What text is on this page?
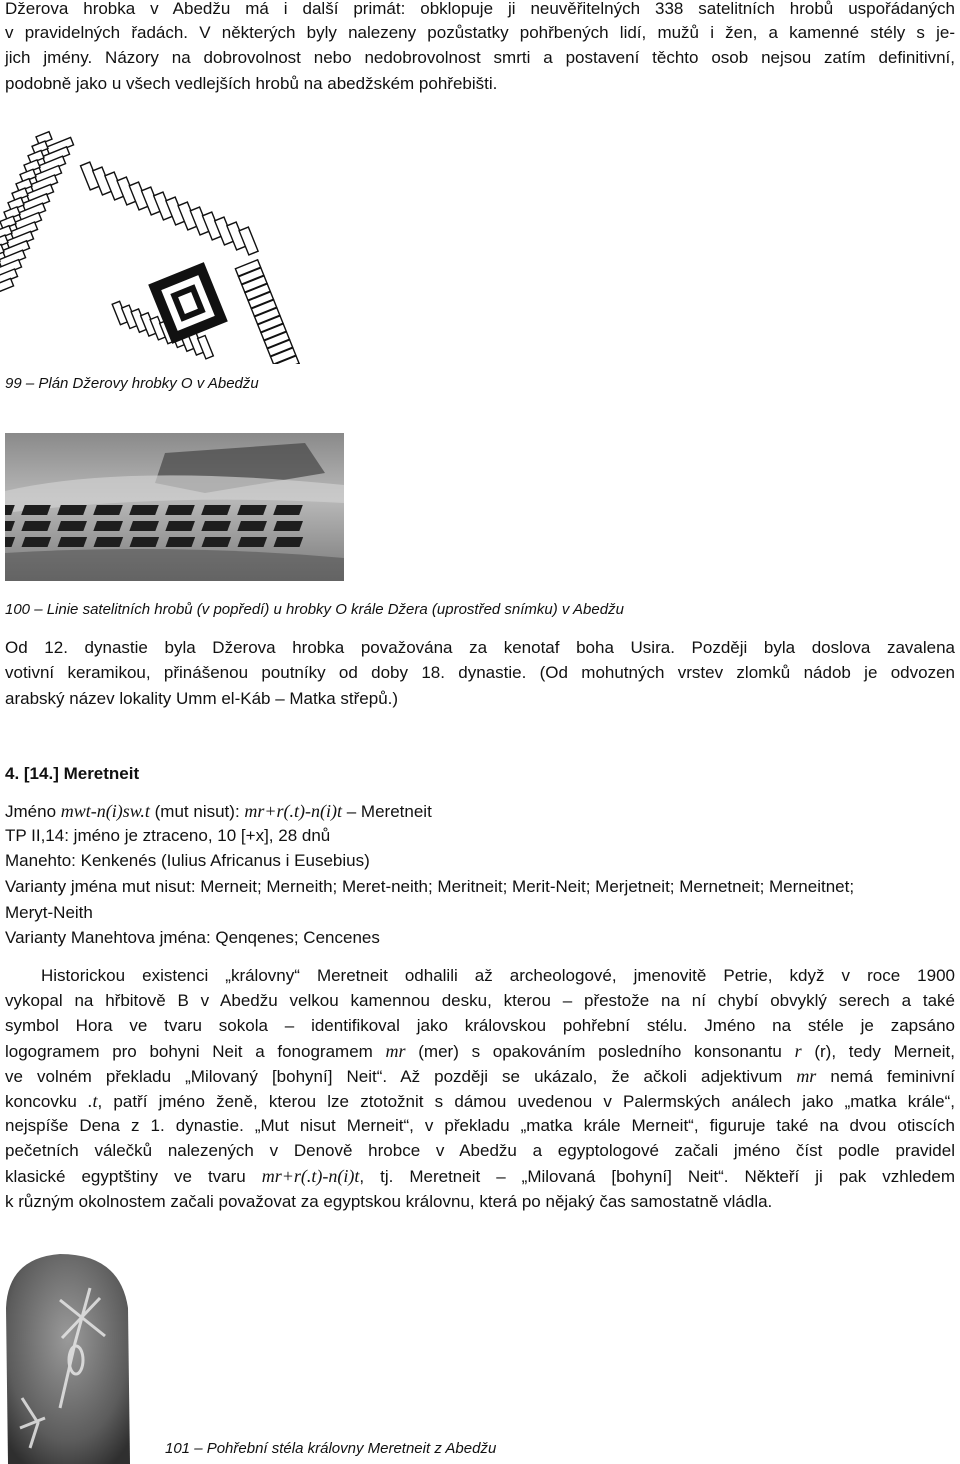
Džerova hrobka v Abedžu má i další primát: obklopuje ji neuvěřitelných 338 satelitních hrobů uspořádaných
v pravidelných řadách. V některých byly nalezeny pozůstatky pohřbených lidí, mužů i žen, a kamenné stély s je-
jich jmény. Názory na dobrovolnost nebo nedobrovolnost smrti a postavení těchto osob nejsou zatím definitivní,
podobně jako u všech vedlejších hrobů na abedžském pohřebišti.
99 – Plán Džerovy hrobky O v Abedžu
100 – Linie satelitních hrobů (v popředí) u hrobky O krále Džera (uprostřed snímku) v Abedžu
Od 12. dynastie byla Džerova hrobka považována za kenotaf boha Usira. Později byla doslova zavalena
votivní keramikou, přinášenou poutníky od doby 18. dynastie. (Od mohutných vrstev zlomků nádob je odvozen
arabský název lokality Umm el-Káb – Matka střepů.)
4. [14.] Meretneit
Jméno mwt-n(i)sw.t (mut nisut): mr+r(.t)-n(i)t – Meretneit
TP II,14: jméno je ztraceno, 10 [+x], 28 dnů
Manehto: Kenkenés (Iulius Africanus i Eusebius)
Varianty jména mut nisut: Merneit; Merneith; Meret-neith; Meritneit; Merit-Neit; Merjetneit; Mernetneit; Merneitnet;
Meryt-Neith
Varianty Manehtova jména: Qenqenes; Cencenes
Historickou existenci „královny“ Meretneit odhalili až archeologové, jmenovitě Petrie, když v roce 1900
vykopal na hřbitově B v Abedžu velkou kamennou desku, kterou – přestože na ní chybí obvyklý serech a také
symbol Hora ve tvaru sokola – identifikoval jako královskou pohřební stélu. Jméno na stéle je zapsáno
logogramem pro bohyni Neit a fonogramem mr (mer) s opakováním posledního konsonantu r (r), tedy Merneit,
ve volném překladu „Milovaný [bohyní] Neit“. Až později se ukázalo, že ačkoli adjektivum mr nemá feminivní
koncovku .t, patří jméno ženě, kterou lze ztotožnit s dámou uvedenou v Palermských análech jako „matka krále“,
nejspíše Dena z 1. dynastie. „Mut nisut Merneit“, v překladu „matka krále Merneit“, figuruje také na dvou otiscích
pečetních válečků nalezených v Denově hrobce v Abedžu a egyptologové začali jméno číst podle pravidel
klasické egyptštiny ve tvaru mr+r(.t)-n(i)t, tj. Meretneit – „Milovaná [bohyní] Neit“. Někteří ji pak vzhledem
k různým okolnostem začali považovat za egyptskou královnu, která po nějaký čas samostatně vládla.
101 – Pohřební stéla královny Meretneit z Abedžu
